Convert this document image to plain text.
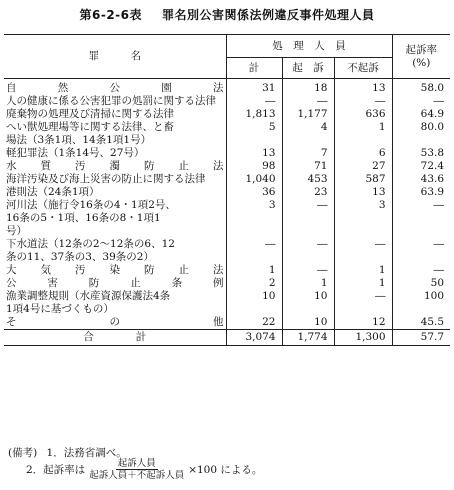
第6-2-6表 罪名別公害関係法例違反事件処理人員
罪　　　名	処　理　人　員			起訴率
(%)

	計	起　訴	不起訴	

自　然　公　園　法	31	18	13	58.0

人の健康に係る公害犯罪の処罰に関する法律	―	―	―	―

廃棄物の処理及び清掃に関する法律	1,813	1,177	636	64.9

へい獣処理場等に関する法律、と畜
場法（3条1項、14条1項1号）	5	4	1	80.0

軽犯罪法（1条14号、27号）	13	7	6	53.8

水　質　汚　濁　防　止　法	98	71	27	72.4

海洋汚染及び海上災害の防止に関する法律	1,040	453	587	43.6

港則法（24条1項）	36	23	13	63.9

河川法（施行令16条の4・1項2号、
16条の5・1項、16条の8・1項1
号）	3	―	3	―

下水道法（12条の2～12条の6、12
条の11、37条の3、39条の2）	―	―	―	―

大　気　汚　染　防　止　法	1	―	1	―

公　害　防　止　条　例	2	1	1	50

漁業調整規則（水産資源保護法4条
1項4号に基づくもの）	10	10	―	100

そ　　　の　　　他	22	10	12	45.5
合　　　　計	3,074	1,774	1,300	57.7
(備考) 1．法務省調べ。
2．起訴率は $\frac{\text{起訴人員}}{\text{起訴人員＋不起訴人員}} \times 100$ による。
